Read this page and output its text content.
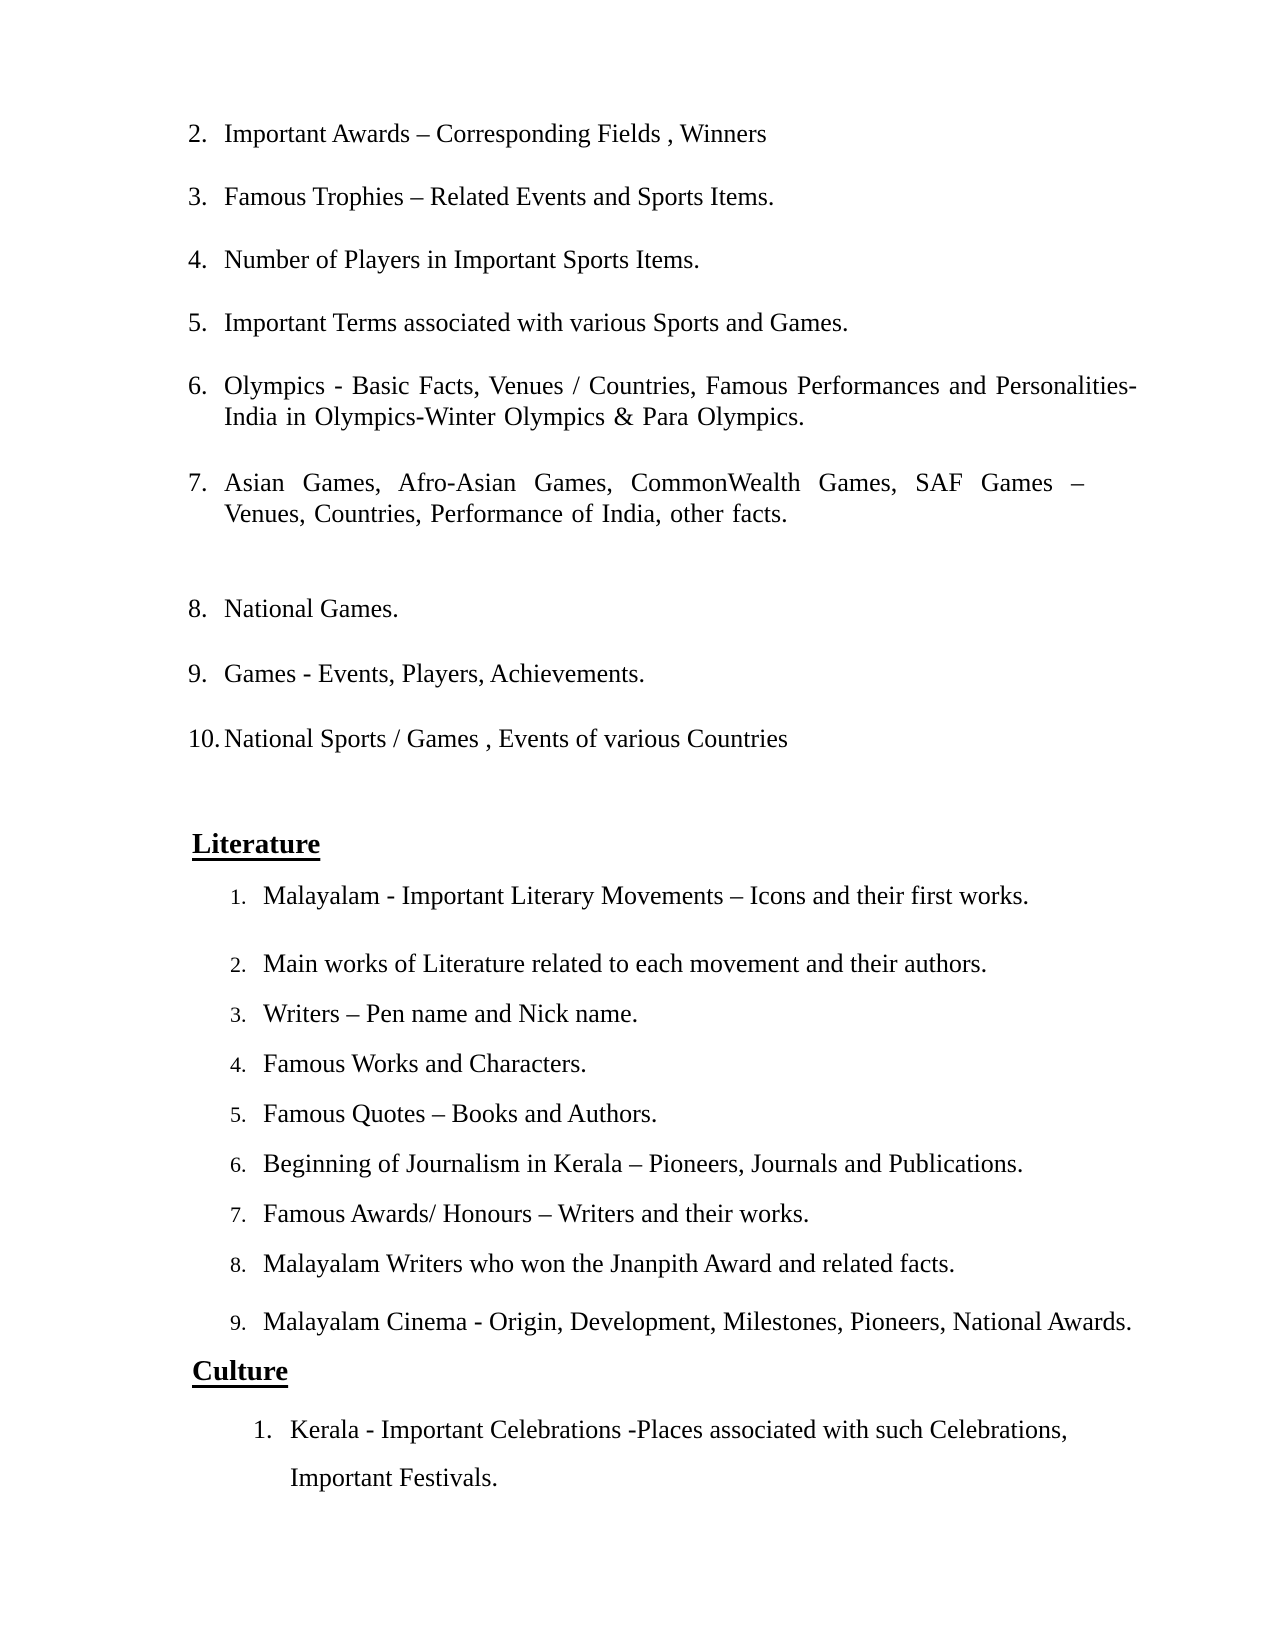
2. Important Awards – Corresponding Fields , Winners
3. Famous Trophies – Related Events and Sports Items.
4. Number of Players in Important Sports Items.
5. Important Terms associated with various Sports and Games.
6. Olympics - Basic Facts, Venues / Countries, Famous Performances and Personalities- India in Olympics-Winter Olympics & Para Olympics.
7. Asian Games, Afro-Asian Games, CommonWealth Games, SAF Games – Venues, Countries, Performance of India, other facts.
8. National Games.
9. Games - Events, Players, Achievements.
10. National Sports / Games , Events of various Countries
Literature
1. Malayalam - Important Literary Movements – Icons and their first works.
2. Main works of Literature related to each movement and their authors.
3. Writers – Pen name and Nick name.
4. Famous Works and Characters.
5. Famous Quotes – Books and Authors.
6. Beginning of Journalism in Kerala – Pioneers, Journals and Publications.
7. Famous Awards/ Honours – Writers and their works.
8. Malayalam Writers who won the Jnanpith Award and related facts.
9. Malayalam Cinema - Origin, Development, Milestones, Pioneers, National Awards.
Culture
1. Kerala - Important Celebrations -Places associated with such Celebrations, Important Festivals.
